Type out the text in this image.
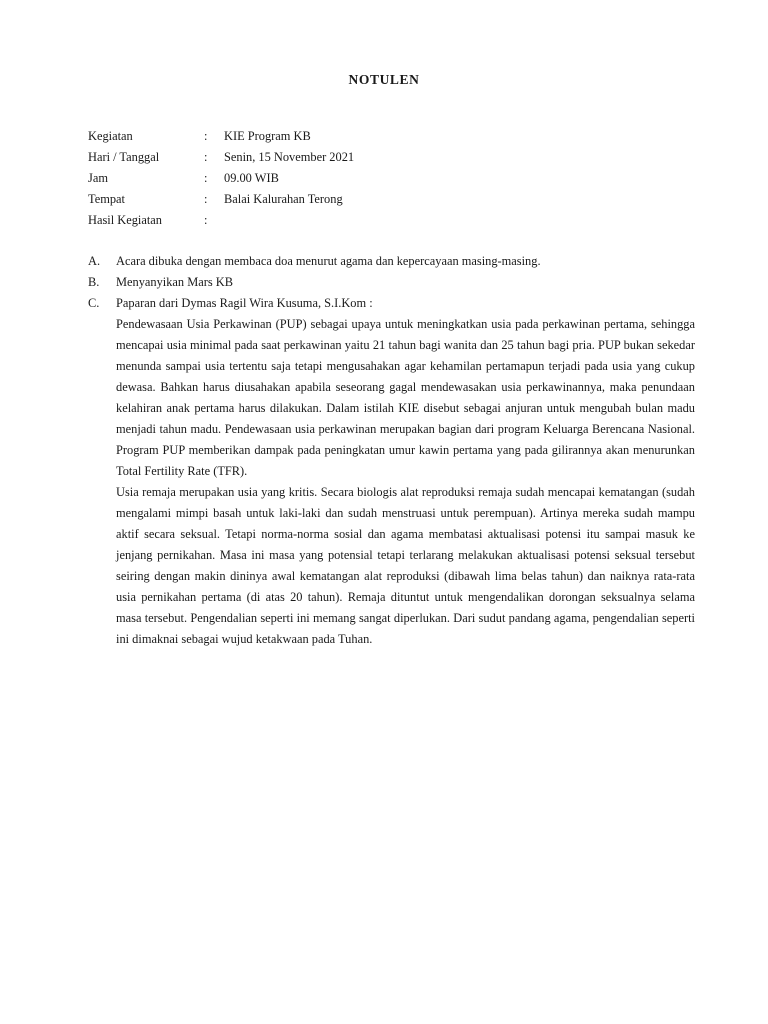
NOTULEN
Kegiatan	: KIE Program KB
Hari / Tanggal	: Senin, 15 November 2021
Jam	: 09.00 WIB
Tempat	: Balai Kalurahan Terong
Hasil Kegiatan	:
A. Acara dibuka dengan membaca doa menurut agama dan kepercayaan masing-masing.
B. Menyanyikan Mars KB
C. Paparan dari Dymas Ragil Wira Kusuma, S.I.Kom :

Pendewasaan Usia Perkawinan (PUP) sebagai upaya untuk meningkatkan usia pada perkawinan pertama, sehingga mencapai usia minimal pada saat perkawinan yaitu 21 tahun bagi wanita dan 25 tahun bagi pria. PUP bukan sekedar menunda sampai usia tertentu saja tetapi mengusahakan agar kehamilan pertamapun terjadi pada usia yang cukup dewasa. Bahkan harus diusahakan apabila seseorang gagal mendewasakan usia perkawinannya, maka penundaan kelahiran anak pertama harus dilakukan. Dalam istilah KIE disebut sebagai anjuran untuk mengubah bulan madu menjadi tahun madu. Pendewasaan usia perkawinan merupakan bagian dari program Keluarga Berencana Nasional. Program PUP memberikan dampak pada peningkatan umur kawin pertama yang pada gilirannya akan menurunkan Total Fertility Rate (TFR).

Usia remaja merupakan usia yang kritis. Secara biologis alat reproduksi remaja sudah mencapai kematangan (sudah mengalami mimpi basah untuk laki-laki dan sudah menstruasi untuk perempuan). Artinya mereka sudah mampu aktif secara seksual. Tetapi norma-norma sosial dan agama membatasi aktualisasi potensi itu sampai masuk ke jenjang pernikahan. Masa ini masa yang potensial tetapi terlarang melakukan aktualisasi potensi seksual tersebut seiring dengan makin dininya awal kematangan alat reproduksi (dibawah lima belas tahun) dan naiknya rata-rata usia pernikahan pertama (di atas 20 tahun). Remaja dituntut untuk mengendalikan dorongan seksualnya selama masa tersebut. Pengendalian seperti ini memang sangat diperlukan. Dari sudut pandang agama, pengendalian seperti ini dimaknai sebagai wujud ketakwaan pada Tuhan.
